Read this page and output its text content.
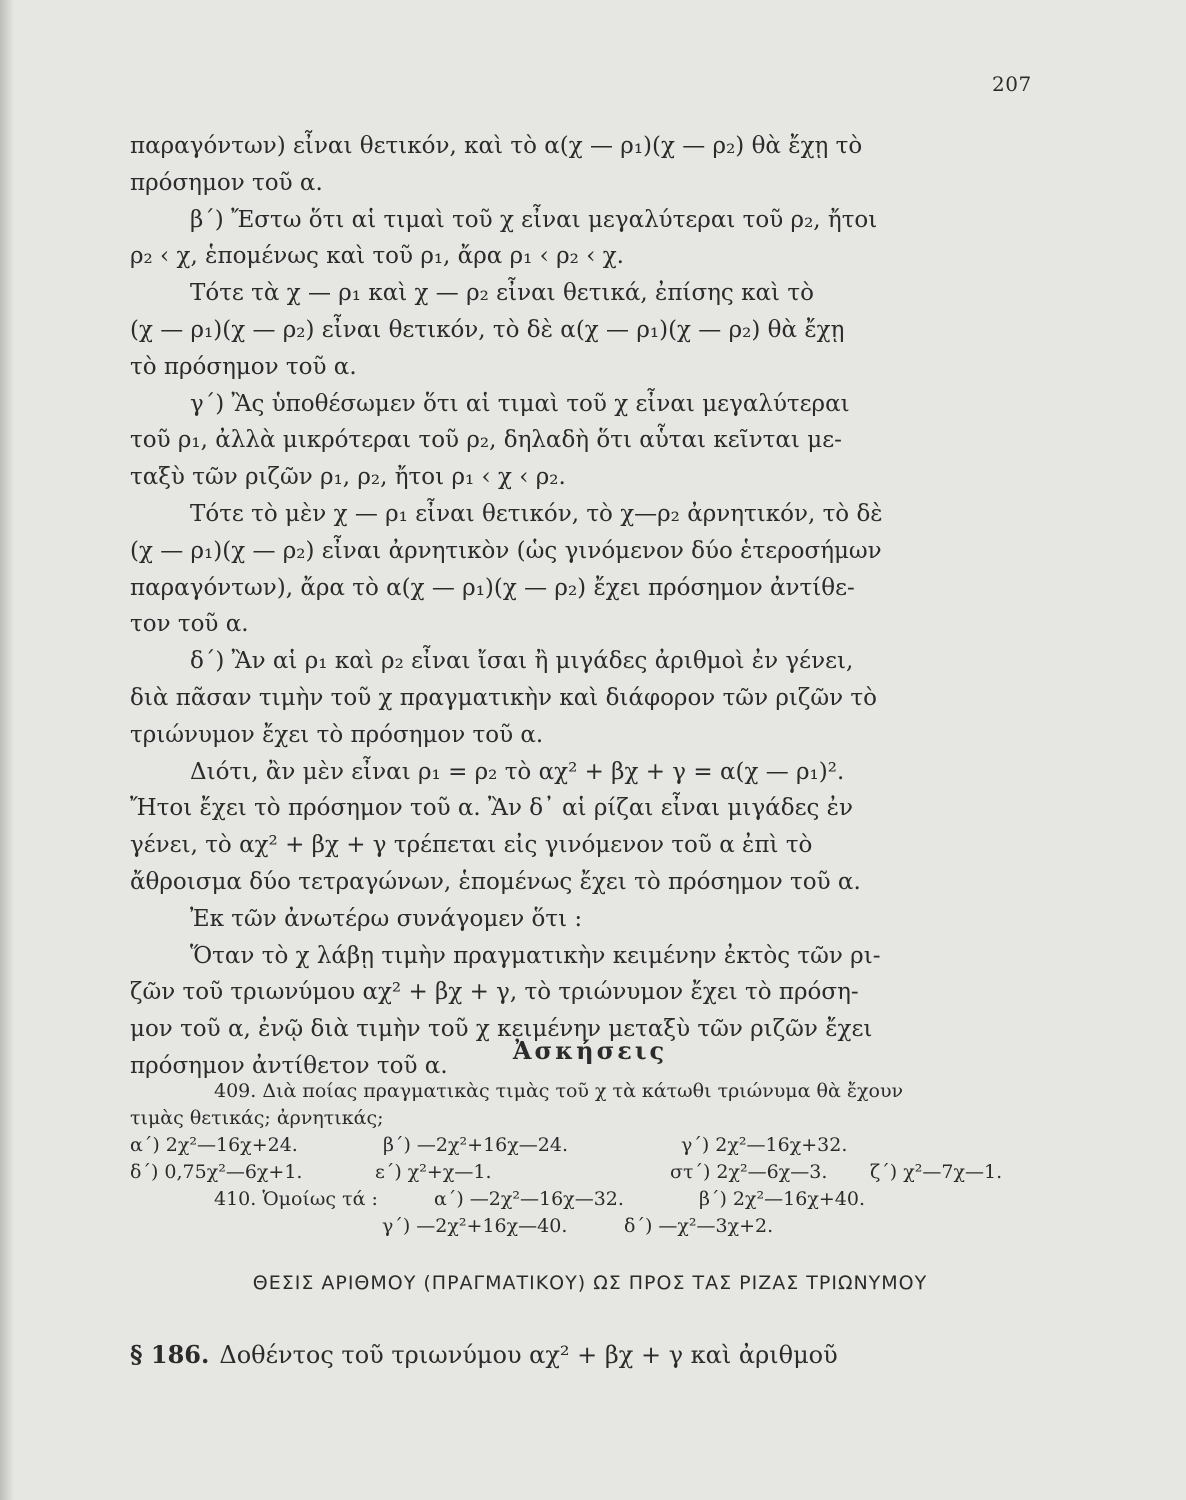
207
παραγόντων) εἶναι θετικόν, καὶ τὸ α(χ — ρ₁)(χ — ρ₂) θὰ ἔχῃ τὸ
πρόσημον τοῦ α.
β΄) Ἔστω ὅτι αἱ τιμαὶ τοῦ χ εἶναι μεγαλύτεραι τοῦ ρ₂, ἤτοι
ρ₂ ‹ χ, ἑπομένως καὶ τοῦ ρ₁, ἄρα ρ₁ ‹ ρ₂ ‹ χ.
Τότε τὰ χ — ρ₁ καὶ χ — ρ₂ εἶναι θετικά, ἐπίσης καὶ τὸ
(χ — ρ₁)(χ — ρ₂) εἶναι θετικόν, τὸ δὲ α(χ — ρ₁)(χ — ρ₂) θὰ ἔχῃ
τὸ πρόσημον τοῦ α.
γ΄) Ἂς ὑποθέσωμεν ὅτι αἱ τιμαὶ τοῦ χ εἶναι μεγαλύτεραι
τοῦ ρ₁, ἀλλὰ μικρότεραι τοῦ ρ₂, δηλαδὴ ὅτι αὗται κεῖνται με-
ταξὺ τῶν ριζῶν ρ₁, ρ₂, ἤτοι ρ₁ ‹ χ ‹ ρ₂.
Τότε τὸ μὲν χ — ρ₁ εἶναι θετικόν, τὸ χ—ρ₂ ἀρνητικόν, τὸ δὲ
(χ — ρ₁)(χ — ρ₂) εἶναι ἀρνητικὸν (ὡς γινόμενον δύο ἑτεροσήμων
παραγόντων), ἄρα τὸ α(χ — ρ₁)(χ — ρ₂) ἔχει πρόσημον ἀντίθε-
τον τοῦ α.
δ΄) Ἂν αἱ ρ₁ καὶ ρ₂ εἶναι ἴσαι ἢ μιγάδες ἀριθμοὶ ἐν γένει,
διὰ πᾶσαν τιμὴν τοῦ χ πραγματικὴν καὶ διάφορον τῶν ριζῶν τὸ
τριώνυμον ἔχει τὸ πρόσημον τοῦ α.
Διότι, ἂν μὲν εἶναι ρ₁ = ρ₂ τὸ αχ² + βχ + γ = α(χ — ρ₁)².
Ἤτοι ἔχει τὸ πρόσημον τοῦ α. Ἂν δ᾽ αἱ ρίζαι εἶναι μιγάδες ἐν
γένει, τὸ αχ² + βχ + γ τρέπεται εἰς γινόμενον τοῦ α ἐπὶ τὸ
ἄθροισμα δύο τετραγώνων, ἑπομένως ἔχει τὸ πρόσημον τοῦ α.
Ἐκ τῶν ἀνωτέρω συνάγομεν ὅτι :
Ὅταν τὸ χ λάβῃ τιμὴν πραγματικὴν κειμένην ἐκτὸς τῶν ρι-
ζῶν τοῦ τριωνύμου αχ² + βχ + γ, τὸ τριώνυμον ἔχει τὸ πρόση-
μον τοῦ α, ἐνῷ διὰ τιμὴν τοῦ χ κειμένην μεταξὺ τῶν ριζῶν ἔχει
πρόσημον ἀντίθετον τοῦ α.
Ἀσκήσεις
409. Διὰ ποίας πραγματικὰς τιμὰς τοῦ χ τὰ κάτωθι τριώνυμα θὰ ἔχουν
τιμὰς θετικάς; ἀρνητικάς;
α΄) 2χ²—16χ+24.	β΄) —2χ²+16χ—24.	γ΄) 2χ²—16χ+32.
δ΄) 0,75χ²—6χ+1.	ε΄) χ²+χ—1.	στ΄) 2χ²—6χ—3. ζ΄) χ²—7χ—1.
410. Ὁμοίως τά :	α΄) —2χ²—16χ—32.	β΄) 2χ²—16χ+40.
γ΄) —2χ²+16χ—40.	δ΄) —χ²—3χ+2.
ΘΕΣΙΣ ΑΡΙΘΜΟΥ (ΠΡΑΓΜΑΤΙΚΟΥ) ΩΣ ΠΡΟΣ ΤΑΣ ΡΙΖΑΣ ΤΡΙΩΝΥΜΟΥ
§ 186. Δοθέντος τοῦ τριωνύμου αχ² + βχ + γ καὶ ἀριθμοῦ
